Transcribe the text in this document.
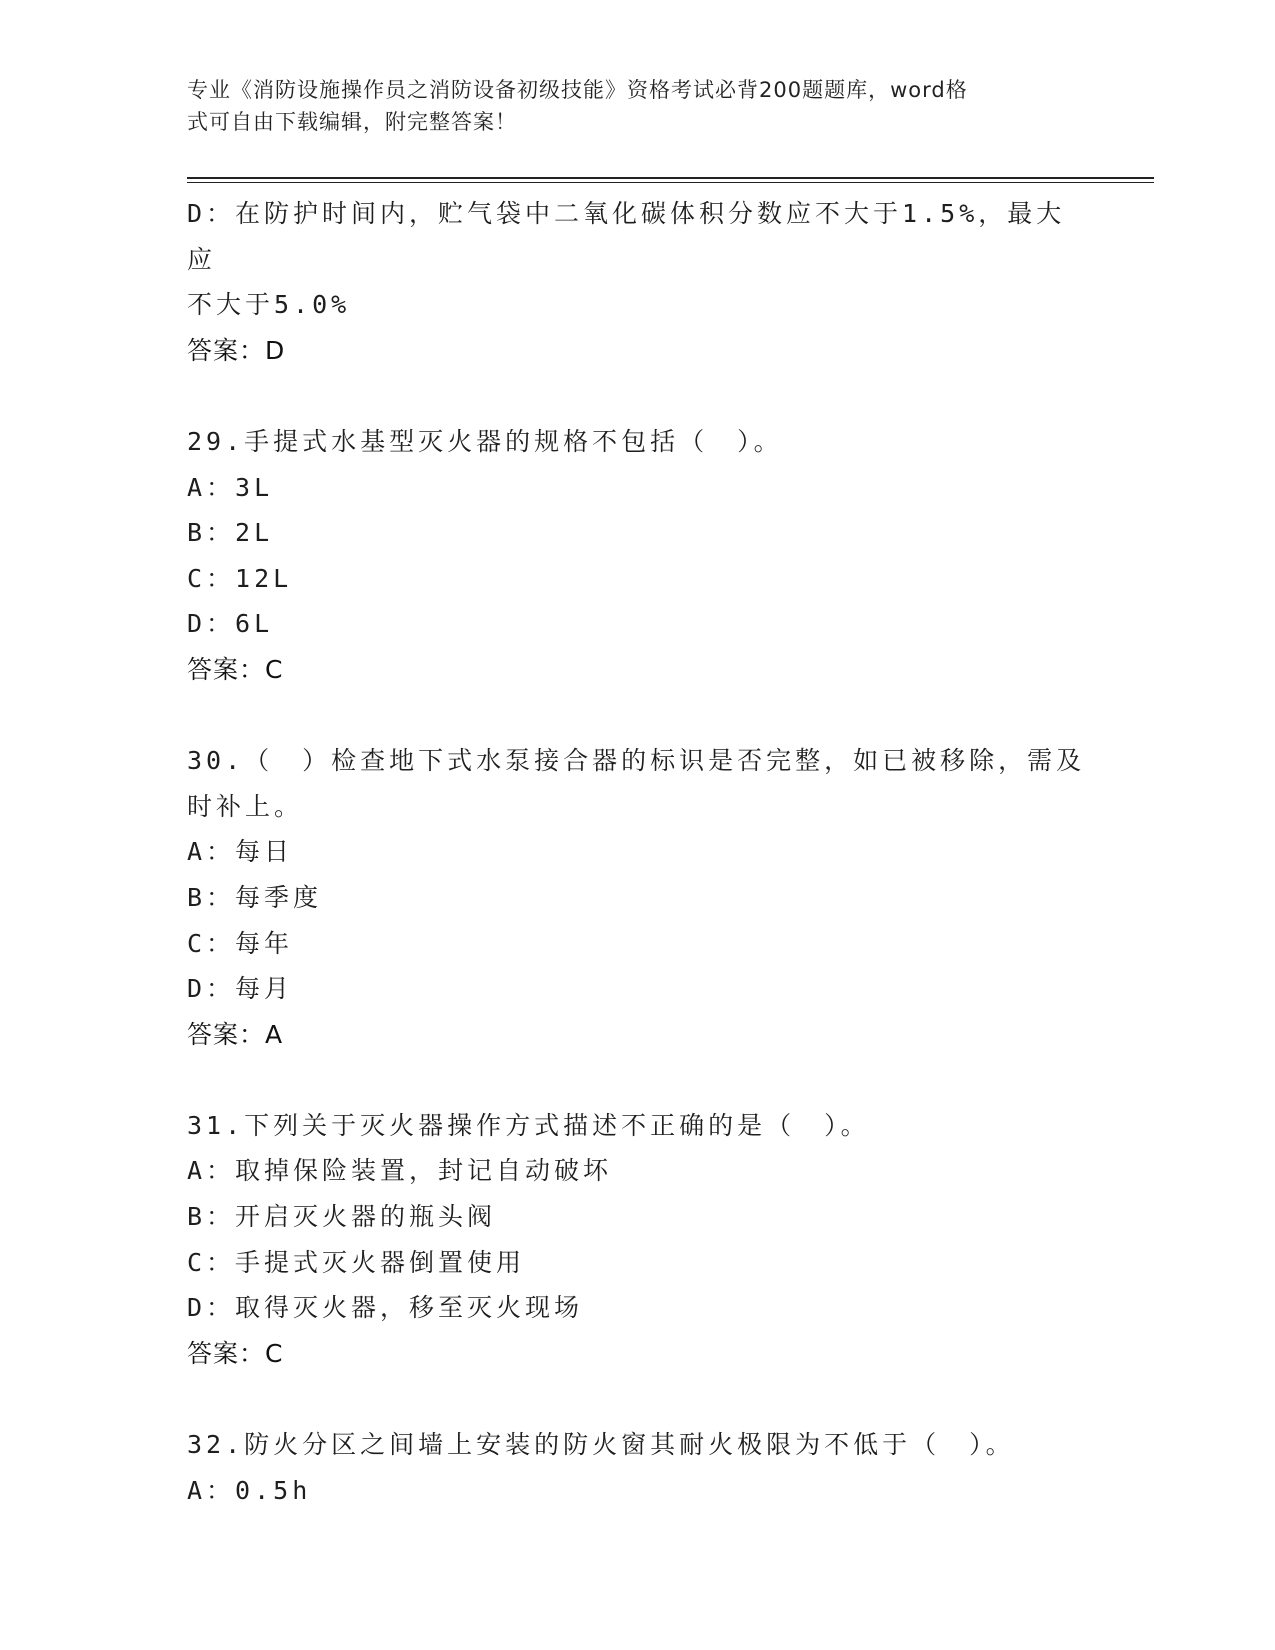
专业《消防设施操作员之消防设备初级技能》资格考试必背200题题库，word格
式可自由下载编辑，附完整答案！

D：在防护时间内，贮气袋中二氧化碳体积分数应不大于1.5%，最大应

不大于5.0%

答案：D

29.手提式水基型灭火器的规格不包括（　）。

A：3L

B：2L

C：12L

D：6L

答案：C

30.（　）检查地下式水泵接合器的标识是否完整，如已被移除，需及

时补上。

A：每日

B：每季度

C：每年

D：每月

答案：A

31.下列关于灭火器操作方式描述不正确的是（　）。

A：取掉保险装置，封记自动破坏

B：开启灭火器的瓶头阀

C：手提式灭火器倒置使用

D：取得灭火器，移至灭火现场

答案：C

32.防火分区之间墙上安装的防火窗其耐火极限为不低于（　）。

A：0.5h
